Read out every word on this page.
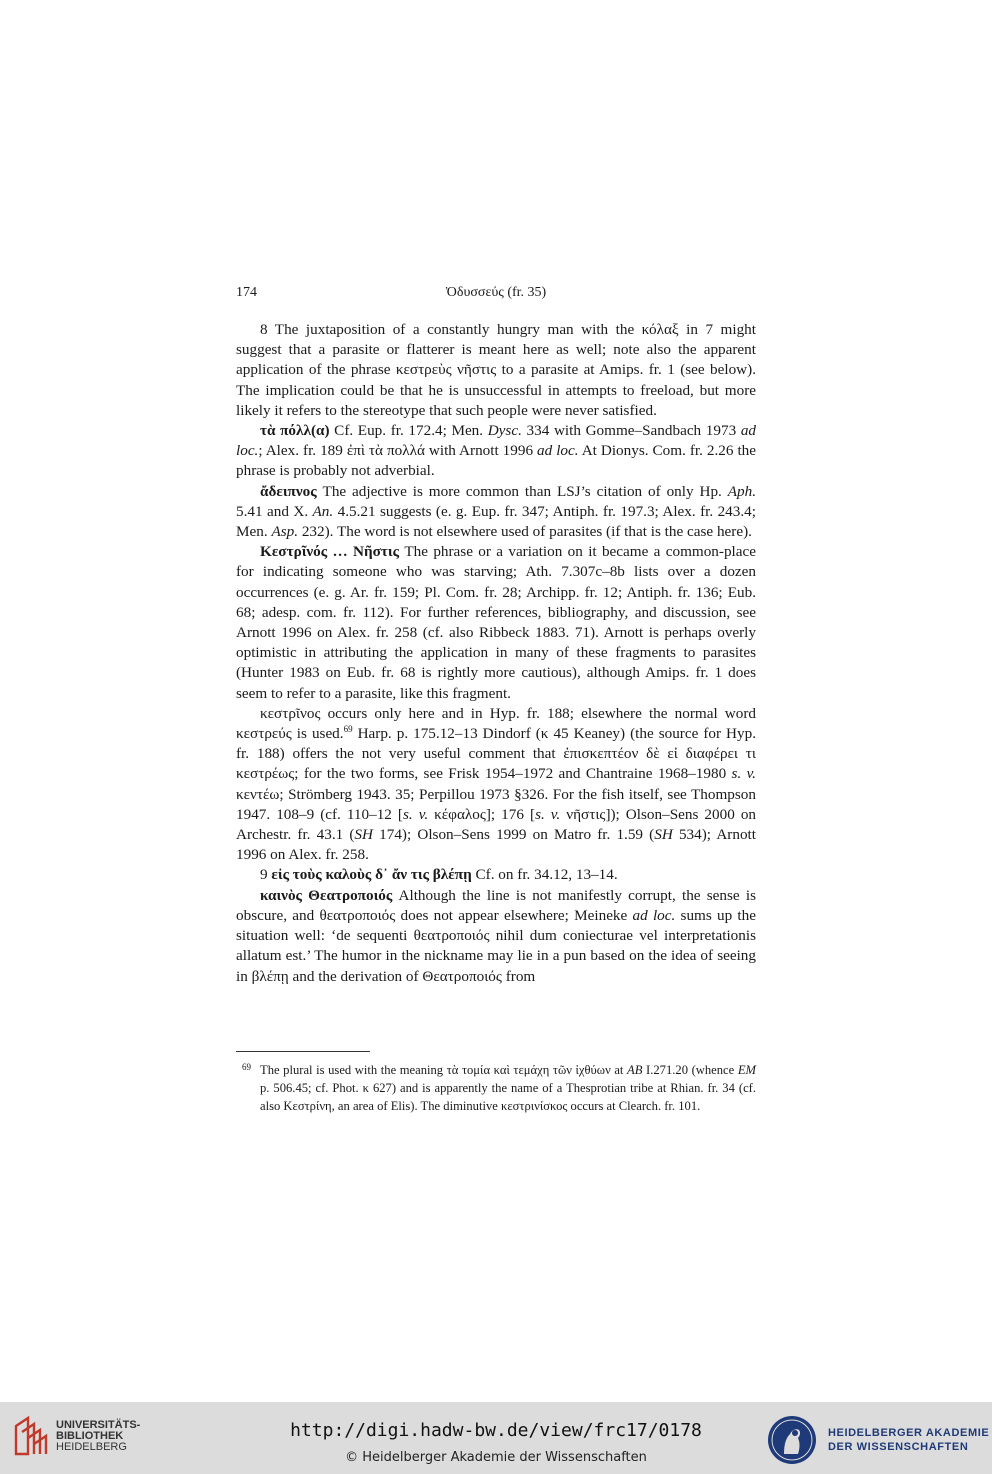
174	Ὀδυσσεύς (fr. 35)

8 The juxtaposition of a constantly hungry man with the κόλαξ in 7 might suggest that a parasite or flatterer is meant here as well; note also the apparent application of the phrase κεστρεὺς νῆστις to a parasite at Amips. fr. 1 (see below). The implication could be that he is unsuccessful in attempts to freeload, but more likely it refers to the stereotype that such people were never satisfied.

τὰ πόλλ(α) Cf. Eup. fr. 172.4; Men. Dysc. 334 with Gomme–Sandbach 1973 ad loc.; Alex. fr. 189 ἐπὶ τὰ πολλά with Arnott 1996 ad loc. At Dionys. Com. fr. 2.26 the phrase is probably not adverbial.

ἄδειπνος The adjective is more common than LSJ’s citation of only Hp. Aph. 5.41 and X. An. 4.5.21 suggests (e. g. Eup. fr. 347; Antiph. fr. 197.3; Alex. fr. 243.4; Men. Asp. 232). The word is not elsewhere used of parasites (if that is the case here).

Κεστρῖνός … Νῆστις The phrase or a variation on it became a common-place for indicating someone who was starving; Ath. 7.307c–8b lists over a dozen occurrences (e. g. Ar. fr. 159; Pl. Com. fr. 28; Archipp. fr. 12; Antiph. fr. 136; Eub. 68; adesp. com. fr. 112). For further references, bibliography, and discussion, see Arnott 1996 on Alex. fr. 258 (cf. also Ribbeck 1883. 71). Arnott is perhaps overly optimistic in attributing the application in many of these fragments to parasites (Hunter 1983 on Eub. fr. 68 is rightly more cautious), although Amips. fr. 1 does seem to refer to a parasite, like this fragment.

κεστρῖνος occurs only here and in Hyp. fr. 188; elsewhere the normal word κεστρεύς is used.$^{69}$ Harp. p. 175.12–13 Dindorf (κ 45 Keaney) (the source for Hyp. fr. 188) offers the not very useful comment that ἐπισκεπτέον δὲ εἰ διαφέρει τι κεστρέως; for the two forms, see Frisk 1954–1972 and Chantraine 1968–1980 s. v. κεντέω; Strömberg 1943. 35; Perpillou 1973 §326. For the fish itself, see Thompson 1947. 108–9 (cf. 110–12 [s. v. κέφαλος]; 176 [s. v. νῆστις]); Olson–Sens 2000 on Archestr. fr. 43.1 (SH 174); Olson–Sens 1999 on Matro fr. 1.59 (SH 534); Arnott 1996 on Alex. fr. 258.

9 εἰς τοὺς καλοὺς δ᾽ ἄν τις βλέπῃ Cf. on fr. 34.12, 13–14.

καινὸς Θεατροποιός Although the line is not manifestly corrupt, the sense is obscure, and θεατροποιός does not appear elsewhere; Meineke ad loc. sums up the situation well: ‘de sequenti θεατροποιός nihil dum coniecturae vel interpretationis allatum est.’ The humor in the nickname may lie in a pun based on the idea of seeing in βλέπῃ and the derivation of Θεατροποιός from

69 The plural is used with the meaning τὰ τομία καὶ τεμάχη τῶν ἰχθύων at AB I.271.20 (whence EM p. 506.45; cf. Phot. κ 627) and is apparently the name of a Thesprotian tribe at Rhian. fr. 34 (cf. also Κεστρίνη, an area of Elis). The diminutive κεστρινίσκος occurs at Clearch. fr. 101.
UNIVERSITÄTS-
BIBLIOTHEK
HEIDELBERG
http://digi.hadw-bw.de/view/frc17/0178
© Heidelberger Akademie der Wissenschaften
HEIDELBERGER AKADEMIE
DER WISSENSCHAFTEN
